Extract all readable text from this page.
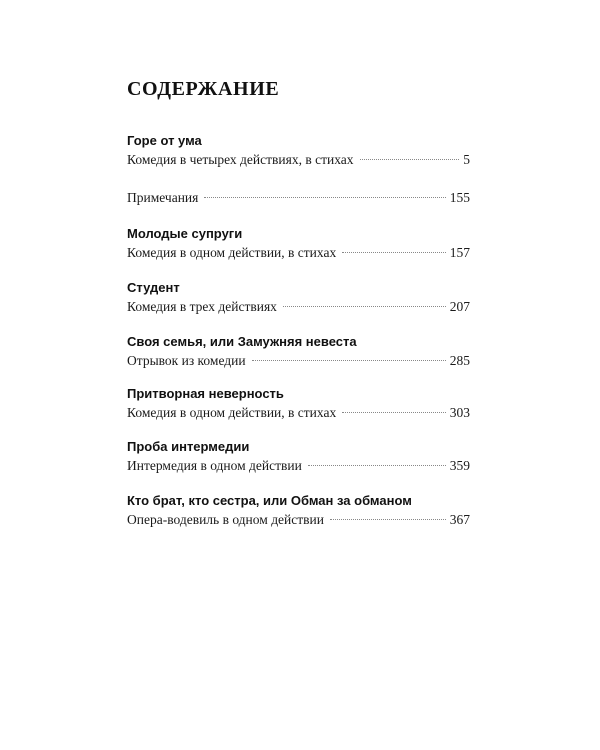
СОДЕРЖАНИЕ
Горе от ума
Комедия в четырех действиях, в стихах	5
Примечания	155
Молодые супруги
Комедия в одном действии, в стихах	157
Студент
Комедия в трех действиях	207
Своя семья, или Замужняя невеста
Отрывок из комедии	285
Притворная неверность
Комедия в одном действии, в стихах	303
Проба интермедии
Интермедия в одном действии	359
Кто брат, кто сестра, или Обман за обманом
Опера-водевиль в одном действии	367
